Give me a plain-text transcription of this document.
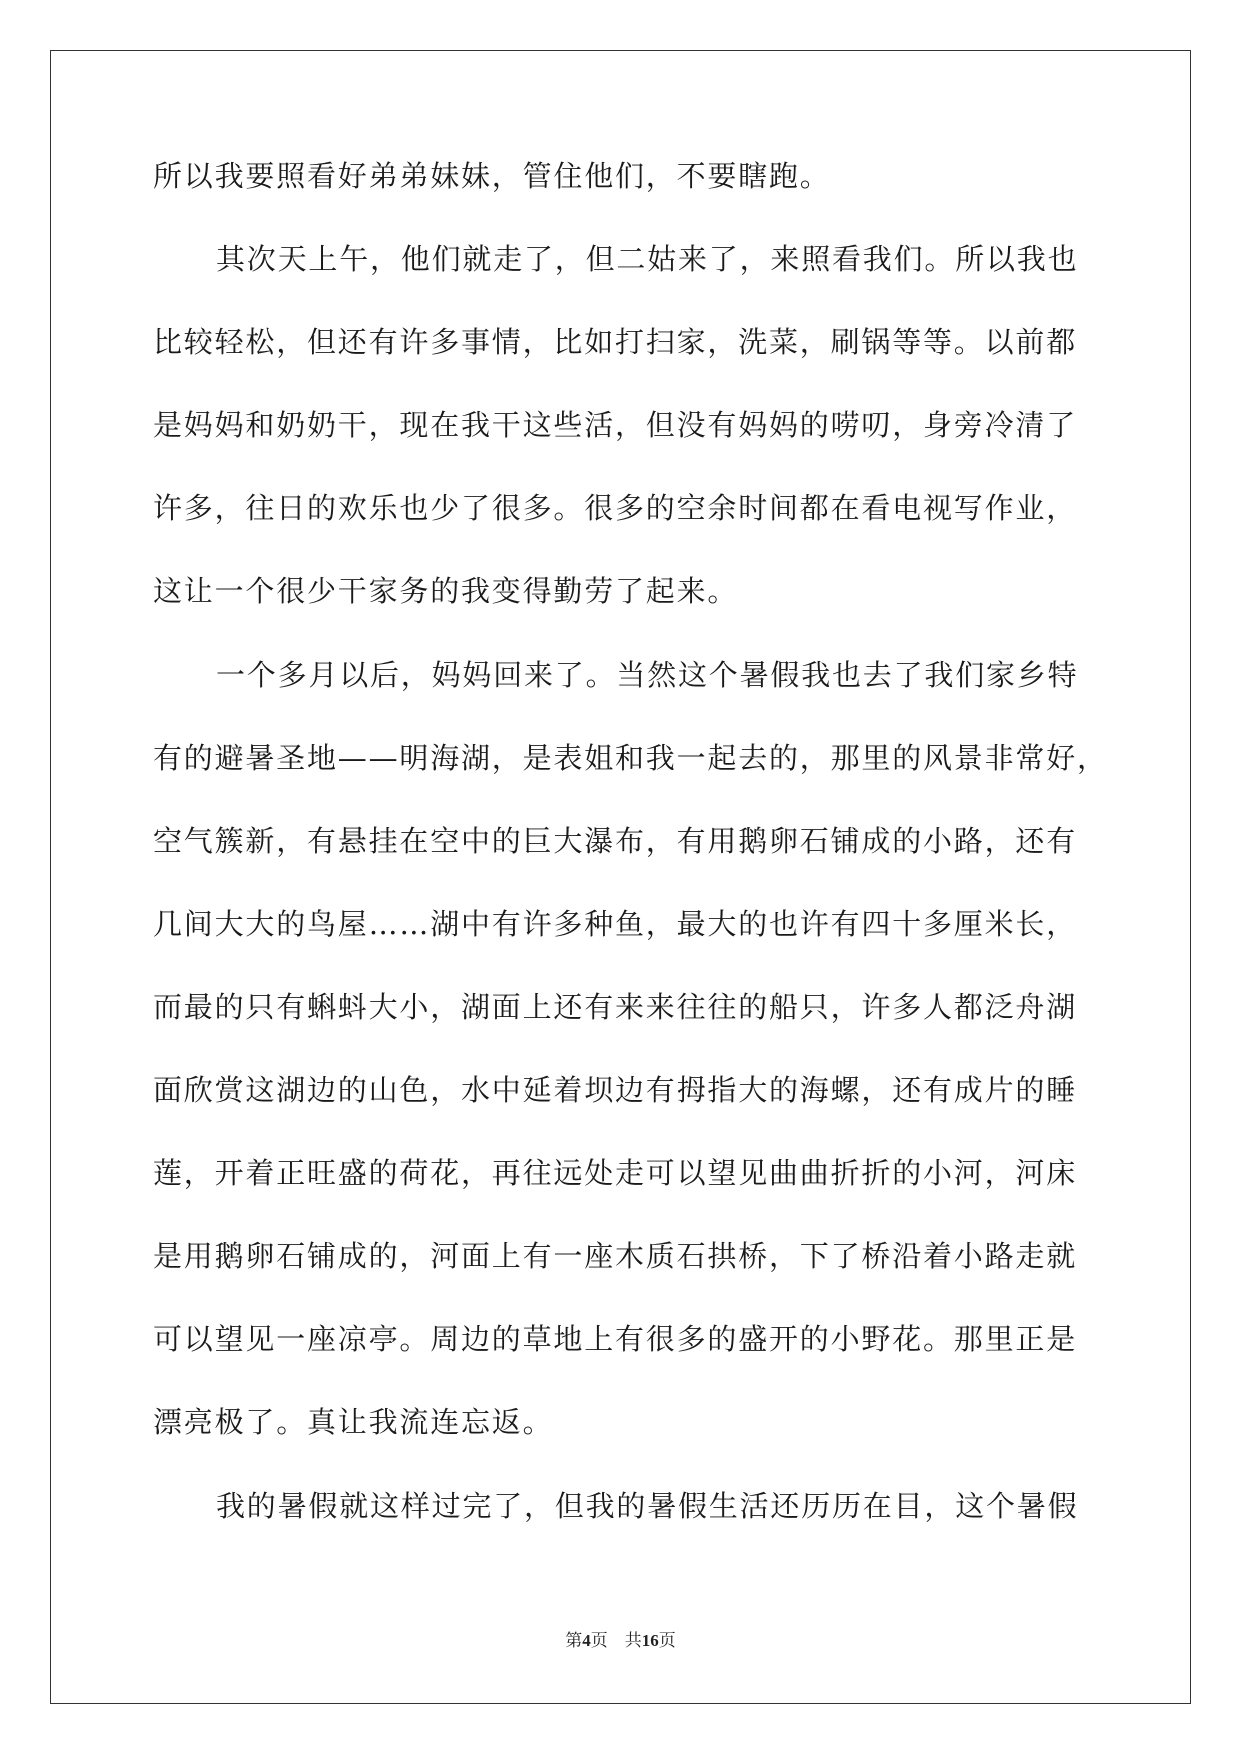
所以我要照看好弟弟妹妹，管住他们，不要瞎跑。
其次天上午，他们就走了，但二姑来了，来照看我们。所以我也
比较轻松，但还有许多事情，比如打扫家，洗菜，刷锅等等。以前都
是妈妈和奶奶干，现在我干这些活，但没有妈妈的唠叨，身旁冷清了
许多，往日的欢乐也少了很多。很多的空余时间都在看电视写作业，
这让一个很少干家务的我变得勤劳了起来。
一个多月以后，妈妈回来了。当然这个暑假我也去了我们家乡特
有的避暑圣地——明海湖，是表姐和我一起去的，那里的风景非常好，
空气簇新，有悬挂在空中的巨大瀑布，有用鹅卵石铺成的小路，还有
几间大大的鸟屋……湖中有许多种鱼，最大的也许有四十多厘米长，
而最的只有蝌蚪大小，湖面上还有来来往往的船只，许多人都泛舟湖
面欣赏这湖边的山色，水中延着坝边有拇指大的海螺，还有成片的睡
莲，开着正旺盛的荷花，再往远处走可以望见曲曲折折的小河，河床
是用鹅卵石铺成的，河面上有一座木质石拱桥，下了桥沿着小路走就
可以望见一座凉亭。周边的草地上有很多的盛开的小野花。那里正是
漂亮极了。真让我流连忘返。
我的暑假就这样过完了，但我的暑假生活还历历在目，这个暑假
第4页 共16页
